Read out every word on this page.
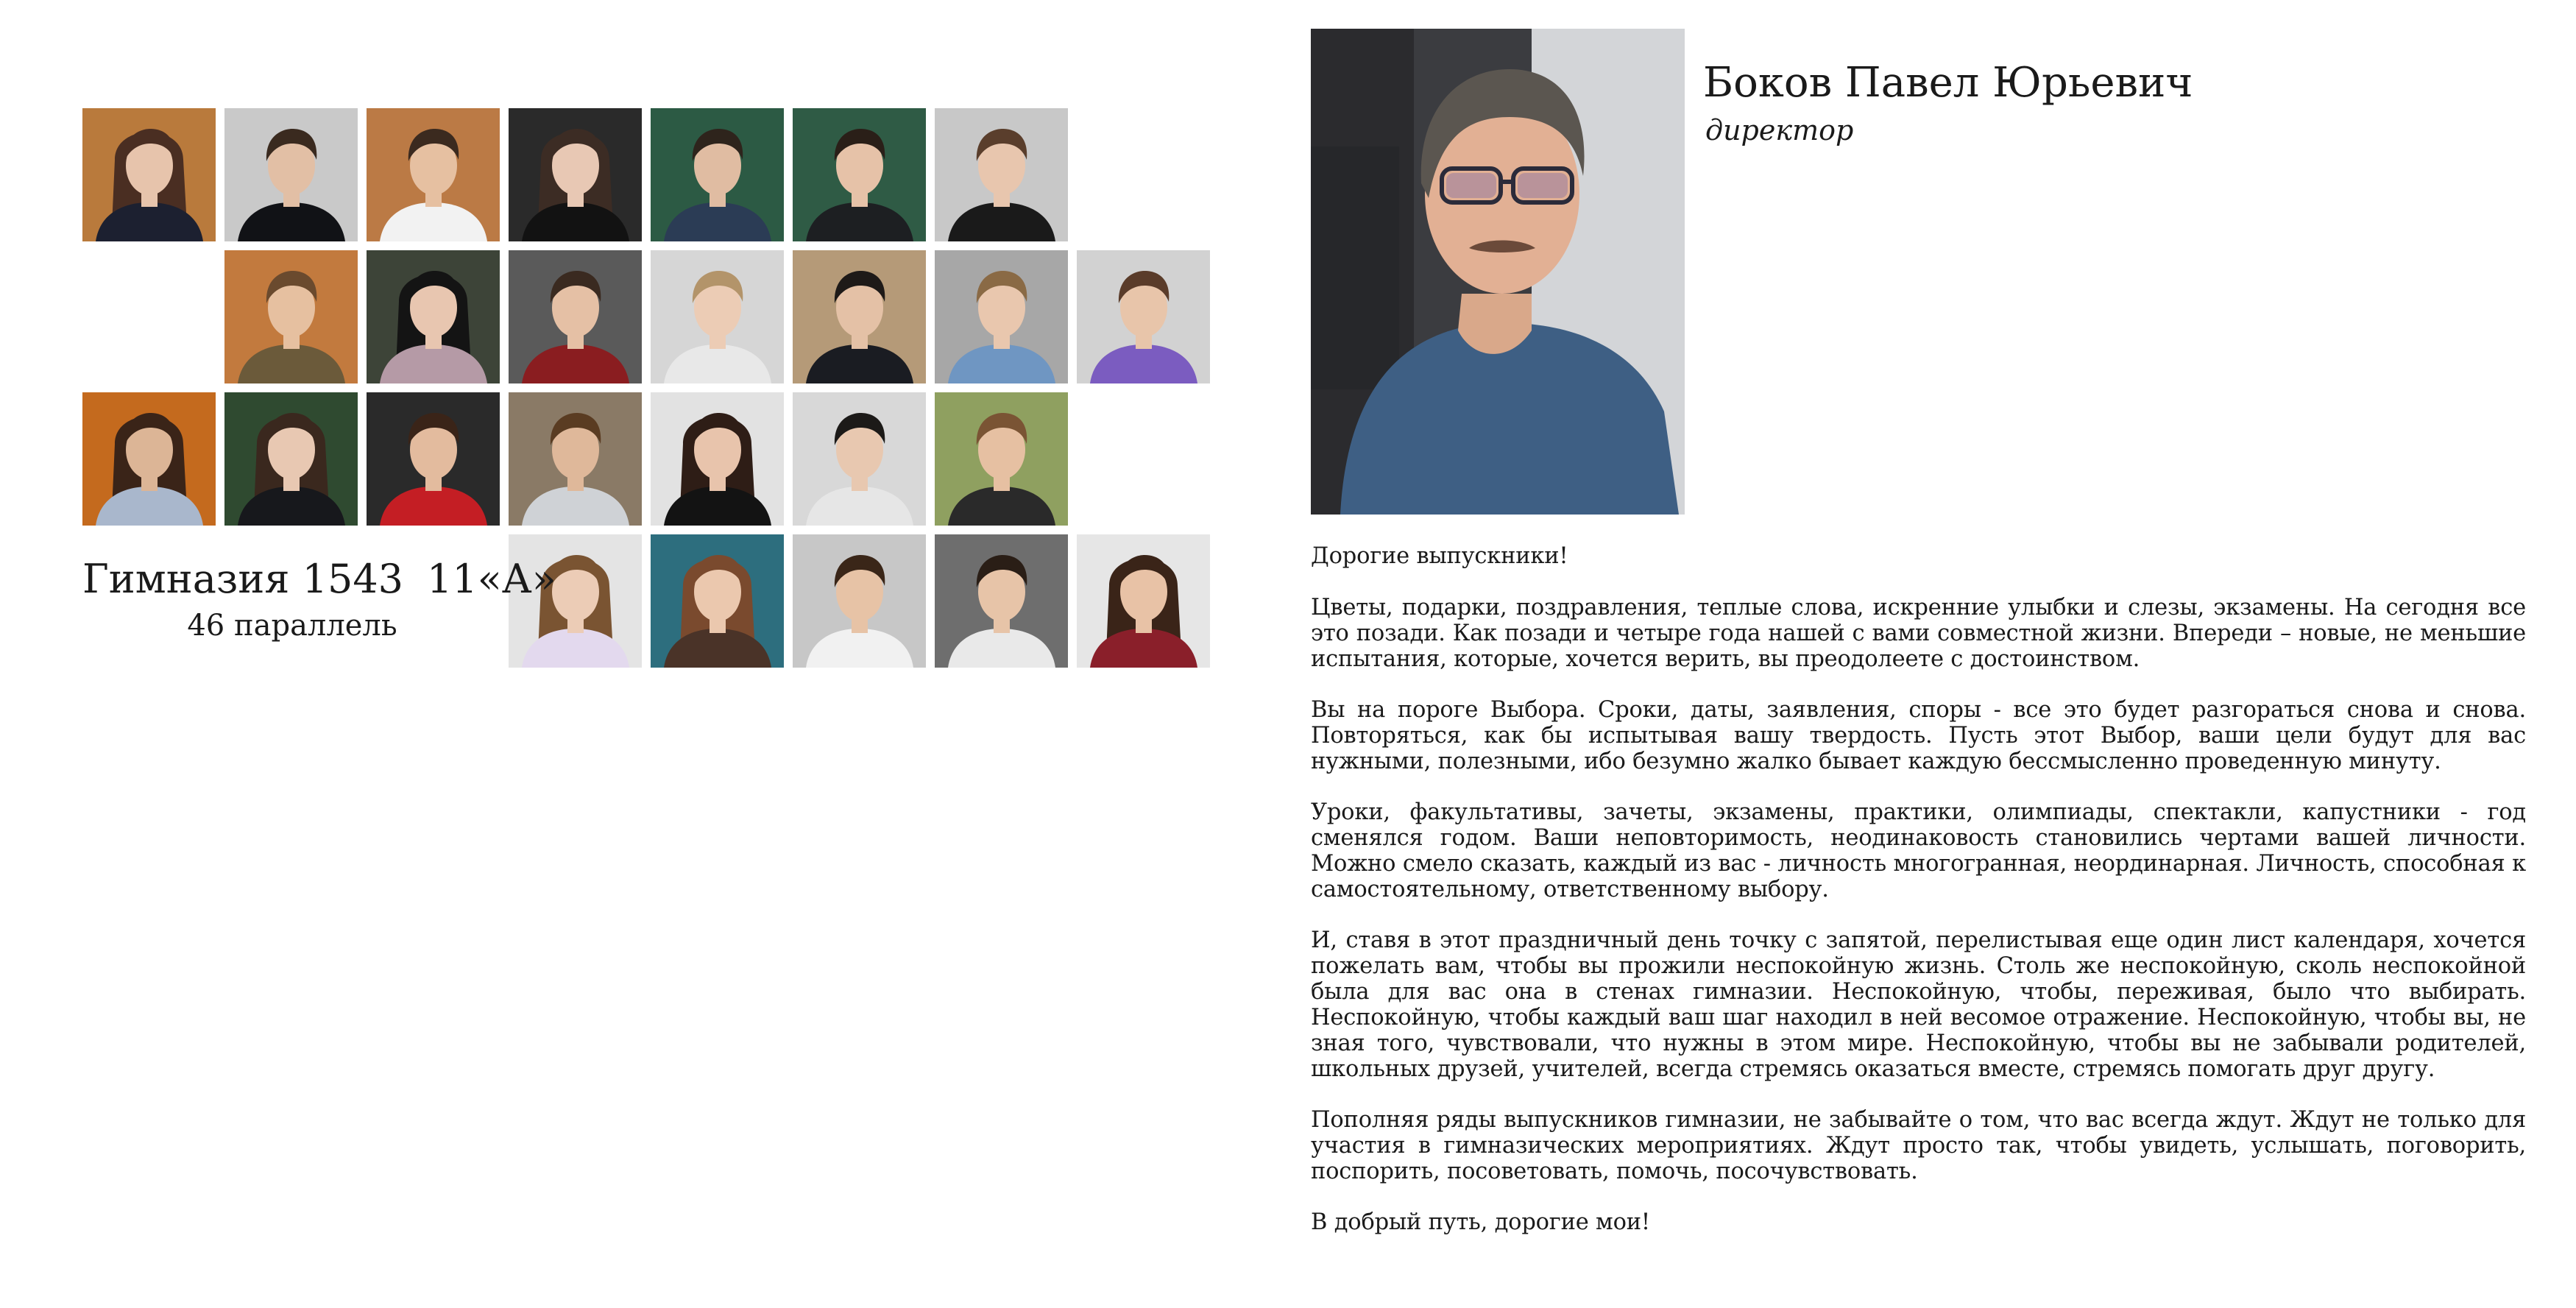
Гимназия 1543 11«А»
46 параллель
Боков Павел Юрьевич
директор

Дорогие выпускники!

Цветы, подарки, поздравления, теплые слова, искренние улыбки и слезы, экзамены. На сегодня все это позади. Как позади и четыре года нашей с вами совместной жизни. Впереди – новые, не меньшие испытания, которые, хочется верить, вы преодолеете с достоинством.

Вы на пороге Выбора. Сроки, даты, заявления, споры - все это будет разгораться снова и снова. Повторяться, как бы испытывая вашу твердость. Пусть этот Выбор, ваши цели будут для вас нужными, полезными, ибо безумно жалко бывает каждую бессмысленно проведенную минуту.

Уроки, факультативы, зачеты, экзамены, практики, олимпиады, спектакли, капустники - год сменялся годом. Ваши неповторимость, неодинаковость становились чертами вашей личности. Можно смело сказать, каждый из вас - личность многогранная, неординарная. Личность, способная к самостоятельному, ответственному выбору.

И, ставя в этот праздничный день точку с запятой, перелистывая еще один лист календаря, хочется пожелать вам, чтобы вы прожили неспокойную жизнь. Столь же неспокойную, сколь неспокойной была для вас она в стенах гимназии. Неспокойную, чтобы, переживая, было что выбирать. Неспокойную, чтобы каждый ваш шаг находил в ней весомое отражение. Неспокойную, чтобы вы, не зная того, чувствовали, что нужны в этом мире. Неспокойную, чтобы вы не забывали родителей, школьных друзей, учителей, всегда стремясь оказаться вместе, стремясь помогать друг другу.

Пополняя ряды выпускников гимназии, не забывайте о том, что вас всегда ждут. Ждут не только для участия в гимназических мероприятиях. Ждут просто так, чтобы увидеть, услышать, поговорить, поспорить, посоветовать, помочь, посочувствовать.

В добрый путь, дорогие мои!
